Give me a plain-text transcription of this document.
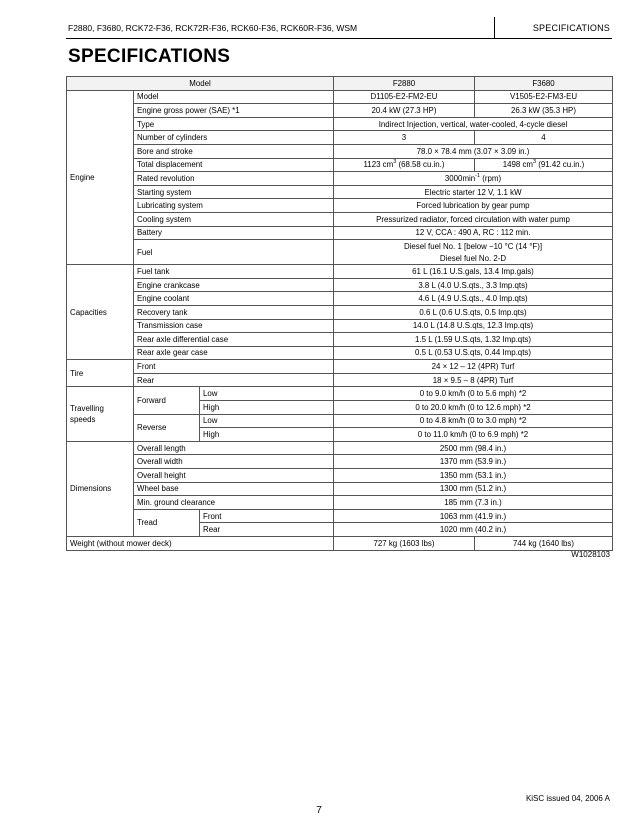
F2880, F3680, RCK72-F36, RCK72R-F36, RCK60-F36, RCK60R-F36, WSM	SPECIFICATIONS
SPECIFICATIONS
Model			F2880	F3680
Engine	Model		D1105-E2-FM2-EU	V1505-E2-FM3-EU
	Engine gross power (SAE) *1		20.4 kW (27.3 HP)	26.3 kW (35.3 HP)
	Type		Indirect Injection, vertical, water-cooled, 4-cycle diesel	
	Number of cylinders		3	4
	Bore and stroke		78.0 × 78.4 mm (3.07 × 3.09 in.)	
	Total displacement		1123 $cm^3$ (68.58 cu.in.)	1498 $cm^3$ (91.42 cu.in.)
	Rated revolution		$3000\min^{-1}$ (rpm)	
	Starting system		Electric starter 12 V, 1.1 kW	
	Lubricating system		Forced lubrication by gear pump	
	Cooling system		Pressurized radiator, forced circulation with water pump	
	Battery		12 V, CCA : 490 A, RC : 112 min.	
	Fuel		Diesel fuel No. 1 [below −10 °C (14 °F)]	
			Diesel fuel No. 2-D	
Capacities	Fuel tank		61 L (16.1 U.S.gals, 13.4 Imp.gals)	
	Engine crankcase		3.8 L (4.0 U.S.qts., 3.3 Imp.qts)	
	Engine coolant		4.6 L (4.9 U.S.qts., 4.0 Imp.qts)	
	Recovery tank		0.6 L (0.6 U.S.qts, 0.5 Imp.qts)	
	Transmission case		14.0 L (14.8 U.S.qts, 12.3 Imp.qts)	
	Rear axle differential case		1.5 L (1.59 U.S.qts, 1.32 Imp.qts)	
	Rear axle gear case		0.5 L (0.53 U.S.qts, 0.44 Imp.qts)	
Tire	Front		24 × 12 – 12 (4PR) Turf	
	Rear		18 × 9.5 – 8 (4PR) Turf	
Travelling speeds	Forward	Low	0 to 9.0 km/h (0 to 5.6 mph) *2	
		High	0 to 20.0 km/h (0 to 12.6 mph) *2	
	Reverse	Low	0 to 4.8 km/h (0 to 3.0 mph) *2	
		High	0 to 11.0 km/h (0 to 6.9 mph) *2	
Dimensions	Overall length		2500 mm (98.4 in.)	
	Overall width		1370 mm (53.9 in.)	
	Overall height		1350 mm (53.1 in.)	
	Wheel base		1300 mm (51.2 in.)	
	Min. ground clearance		185 mm (7.3 in.)	
	Tread	Front	1063 mm (41.9 in.)	
		Rear	1020 mm (40.2 in.)	
Weight (without mower deck)			727 kg (1603 lbs)	744 kg (1640 lbs)
W1028103
KiSC issued 04, 2006 A
7
